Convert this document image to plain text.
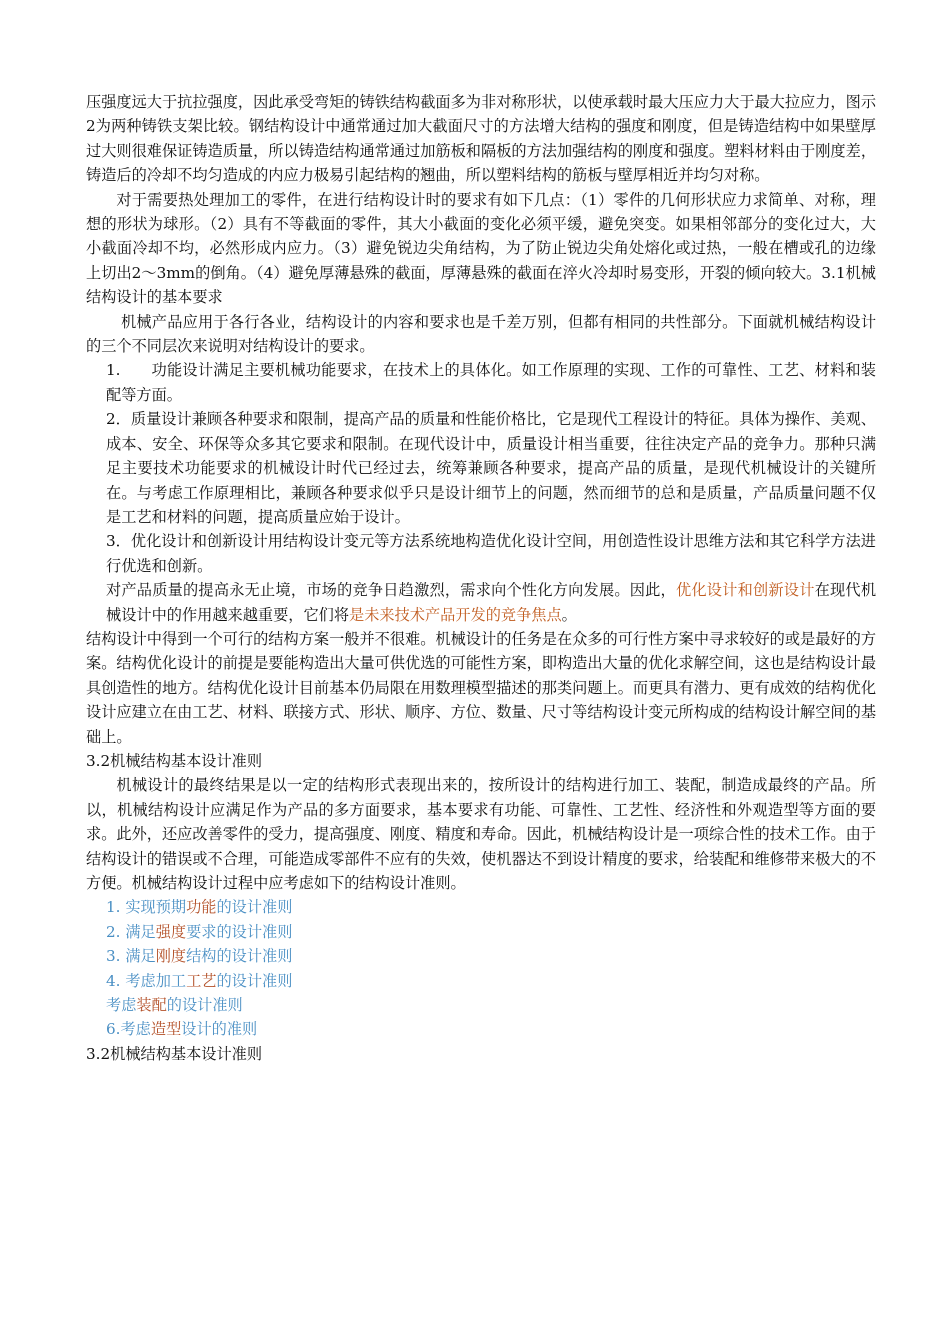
压强度远大于抗拉强度，因此承受弯矩的铸铁结构截面多为非对称形状，以使承载时最大压应力大于最大拉应力，图示2为两种铸铁支架比较。钢结构设计中通常通过加大截面尺寸的方法增大结构的强度和刚度，但是铸造结构中如果壁厚过大则很难保证铸造质量，所以铸造结构通常通过加筋板和隔板的方法加强结构的刚度和强度。塑料材料由于刚度差，铸造后的冷却不均匀造成的内应力极易引起结构的翘曲，所以塑料结构的筋板与壁厚相近并均匀对称。

对于需要热处理加工的零件，在进行结构设计时的要求有如下几点：（1）零件的几何形状应力求简单、对称，理想的形状为球形。（2）具有不等截面的零件，其大小截面的变化必须平缓，避免突变。如果相邻部分的变化过大，大小截面冷却不均，必然形成内应力。（3）避免锐边尖角结构，为了防止锐边尖角处熔化或过热，一般在槽或孔的边缘上切出2～3mm的倒角。（4）避免厚薄悬殊的截面，厚薄悬殊的截面在淬火冷却时易变形，开裂的倾向较大。3.1机械结构设计的基本要求

机械产品应用于各行各业，结构设计的内容和要求也是千差万别，但都有相同的共性部分。下面就机械结构设计的三个不同层次来说明对结构设计的要求。

1.　　功能设计满足主要机械功能要求，在技术上的具体化。如工作原理的实现、工作的可靠性、工艺、材料和装配等方面。

2．质量设计兼顾各种要求和限制，提高产品的质量和性能价格比，它是现代工程设计的特征。具体为操作、美观、成本、安全、环保等众多其它要求和限制。在现代设计中，质量设计相当重要，往往决定产品的竞争力。那种只满足主要技术功能要求的机械设计时代已经过去，统筹兼顾各种要求，提高产品的质量，是现代机械设计的关键所在。与考虑工作原理相比，兼顾各种要求似乎只是设计细节上的问题，然而细节的总和是质量，产品质量问题不仅是工艺和材料的问题，提高质量应始于设计。

3．优化设计和创新设计用结构设计变元等方法系统地构造优化设计空间，用创造性设计思维方法和其它科学方法进行优选和创新。

对产品质量的提高永无止境，市场的竞争日趋激烈，需求向个性化方向发展。因此，优化设计和创新设计在现代机械设计中的作用越来越重要，它们将是未来技术产品开发的竞争焦点。

结构设计中得到一个可行的结构方案一般并不很难。机械设计的任务是在众多的可行性方案中寻求较好的或是最好的方案。结构优化设计的前提是要能构造出大量可供优选的可能性方案，即构造出大量的优化求解空间，这也是结构设计最具创造性的地方。结构优化设计目前基本仍局限在用数理模型描述的那类问题上。而更具有潜力、更有成效的结构优化设计应建立在由工艺、材料、联接方式、形状、顺序、方位、数量、尺寸等结构设计变元所构成的结构设计解空间的基础上。

3.2机械结构基本设计准则

机械设计的最终结果是以一定的结构形式表现出来的，按所设计的结构进行加工、装配，制造成最终的产品。所以，机械结构设计应满足作为产品的多方面要求，基本要求有功能、可靠性、工艺性、经济性和外观造型等方面的要求。此外，还应改善零件的受力，提高强度、刚度、精度和寿命。因此，机械结构设计是一项综合性的技术工作。由于结构设计的错误或不合理，可能造成零部件不应有的失效，使机器达不到设计精度的要求，给装配和维修带来极大的不方便。机械结构设计过程中应考虑如下的结构设计准则。

1. 实现预期功能的设计准则

2. 满足强度要求的设计准则

3. 满足刚度结构的设计准则

4. 考虑加工工艺的设计准则

考虑装配的设计准则

6.考虑造型设计的准则

3.2机械结构基本设计准则
